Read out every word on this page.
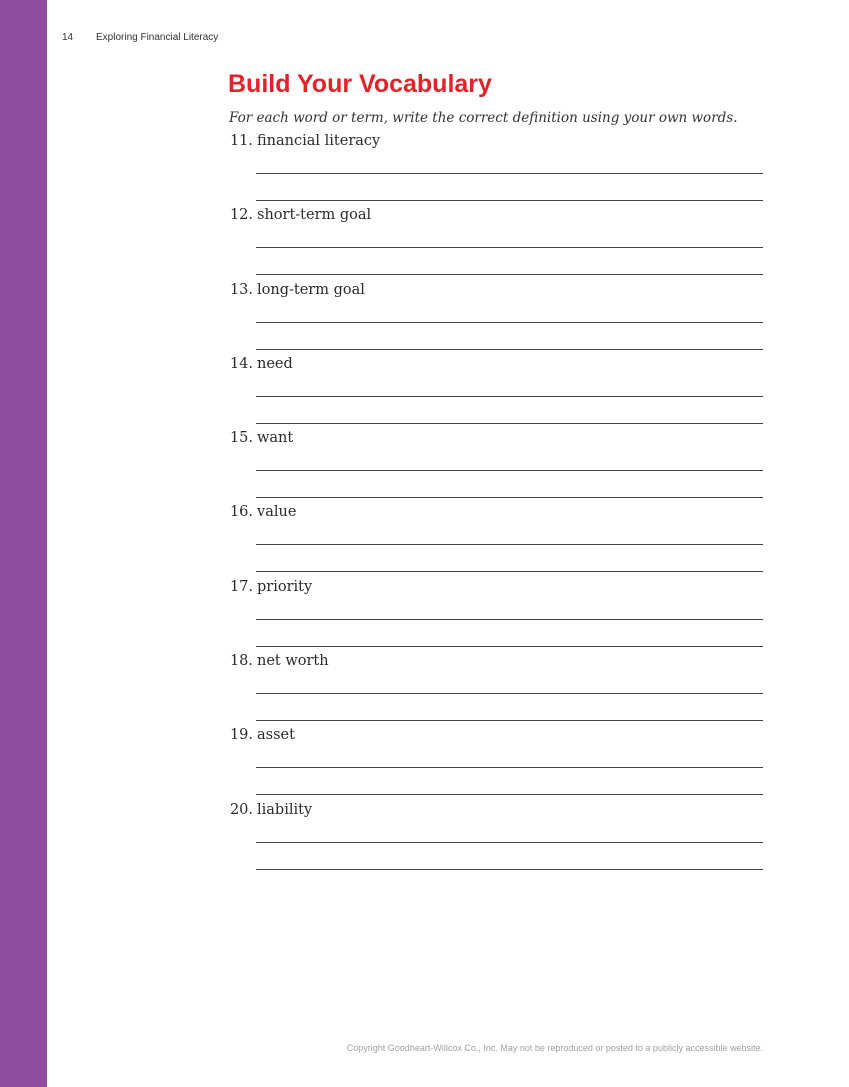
14 Exploring Financial Literacy
Build Your Vocabulary
For each word or term, write the correct definition using your own words.
11. financial literacy
12. short-term goal
13. long-term goal
14. need
15. want
16. value
17. priority
18. net worth
19. asset
20. liability
Copyright Goodheart-Willcox Co., Inc. May not be reproduced or posted to a publicly accessible website.
